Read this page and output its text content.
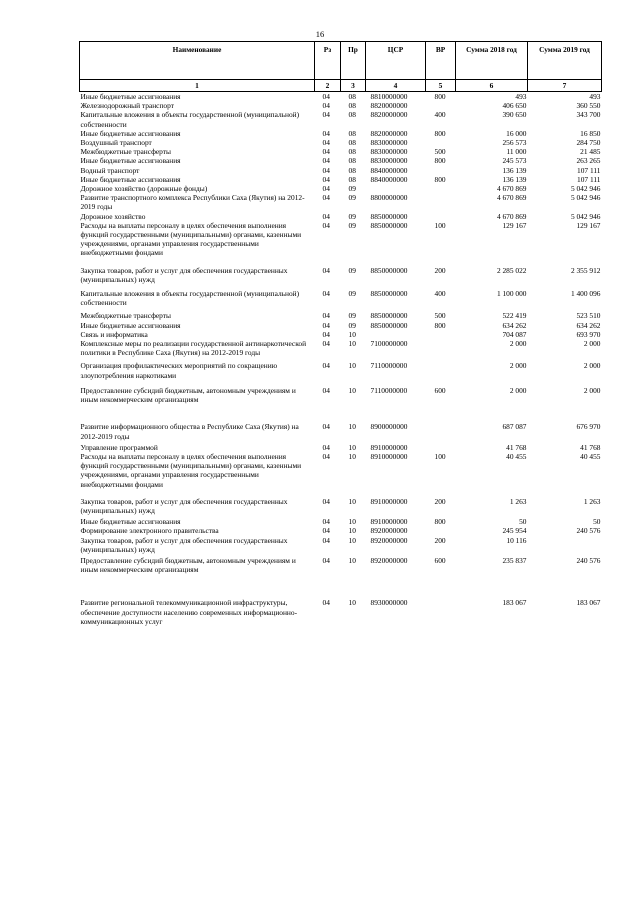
16
Наименование	Рз	Пр	ЦСР	ВР	Сумма 2018 год	Сумма 2019 год
1	2	3	4	5	6	7
Иные бюджетные ассигнования	04	08	8810000000	800	493	493
Железнодорожный транспорт	04	08	8820000000		406 650	360 550
Капитальные вложения в объекты государственной (муниципальной) собственности	04	08	8820000000	400	390 650	343 700
Иные бюджетные ассигнования	04	08	8820000000	800	16 000	16 850
Воздушный транспорт	04	08	8830000000		256 573	284 750
Межбюджетные трансферты	04	08	8830000000	500	11 000	21 485
Иные бюджетные ассигнования	04	08	8830000000	800	245 573	263 265
Водный транспорт	04	08	8840000000		136 139	107 111
Иные бюджетные ассигнования	04	08	8840000000	800	136 139	107 111
Дорожное хозяйство (дорожные фонды)	04	09			4 670 869	5 042 946
Развитие транспортного комплекса Республики Саха (Якутия) на 2012-2019 годы	04	09	8800000000		4 670 869	5 042 946
Дорожное хозяйство	04	09	8850000000		4 670 869	5 042 946
Расходы на выплаты персоналу в целях обеспечения выполнения функций государственными (муниципальными) органами, казенными учреждениями, органами управления государственными внебюджетными фондами	04	09	8850000000	100	129 167	129 167
Закупка товаров, работ и услуг для обеспечения государственных (муниципальных) нужд	04	09	8850000000	200	2 285 022	2 355 912
Капитальные вложения в объекты государственной (муниципальной) собственности	04	09	8850000000	400	1 100 000	1 400 096
Межбюджетные трансферты	04	09	8850000000	500	522 419	523 510
Иные бюджетные ассигнования	04	09	8850000000	800	634 262	634 262
Связь и информатика	04	10			704 087	693 970
Комплексные меры по реализации государственной антинаркотической политики в Республике Саха (Якутия) на 2012-2019 годы	04	10	7100000000		2 000	2 000
Организация профилактических мероприятий по сокращению злоупотребления наркотиками	04	10	7110000000		2 000	2 000
Предоставление субсидий бюджетным, автономным учреждениям и иным некоммерческим организациям	04	10	7110000000	600	2 000	2 000
Развитие информационного общества в Республике Саха (Якутия) на 2012-2019 годы	04	10	8900000000		687 087	676 970
Управление программой	04	10	8910000000		41 768	41 768
Расходы на выплаты персоналу в целях обеспечения выполнения функций государственными (муниципальными) органами, казенными учреждениями, органами управления государственными внебюджетными фондами	04	10	8910000000	100	40 455	40 455
Закупка товаров, работ и услуг для обеспечения государственных (муниципальных) нужд	04	10	8910000000	200	1 263	1 263
Иные бюджетные ассигнования	04	10	8910000000	800	50	50
Формирование электронного правительства	04	10	8920000000		245 954	240 576
Закупка товаров, работ и услуг для обеспечения государственных (муниципальных) нужд	04	10	8920000000	200	10 116	
Предоставление субсидий бюджетным, автономным учреждениям и иным некоммерческим организациям	04	10	8920000000	600	235 837	240 576
Развитие региональной телекоммуникационной инфраструктуры, обеспечение доступности населению современных информационно-коммуникационных услуг	04	10	8930000000		183 067	183 067
